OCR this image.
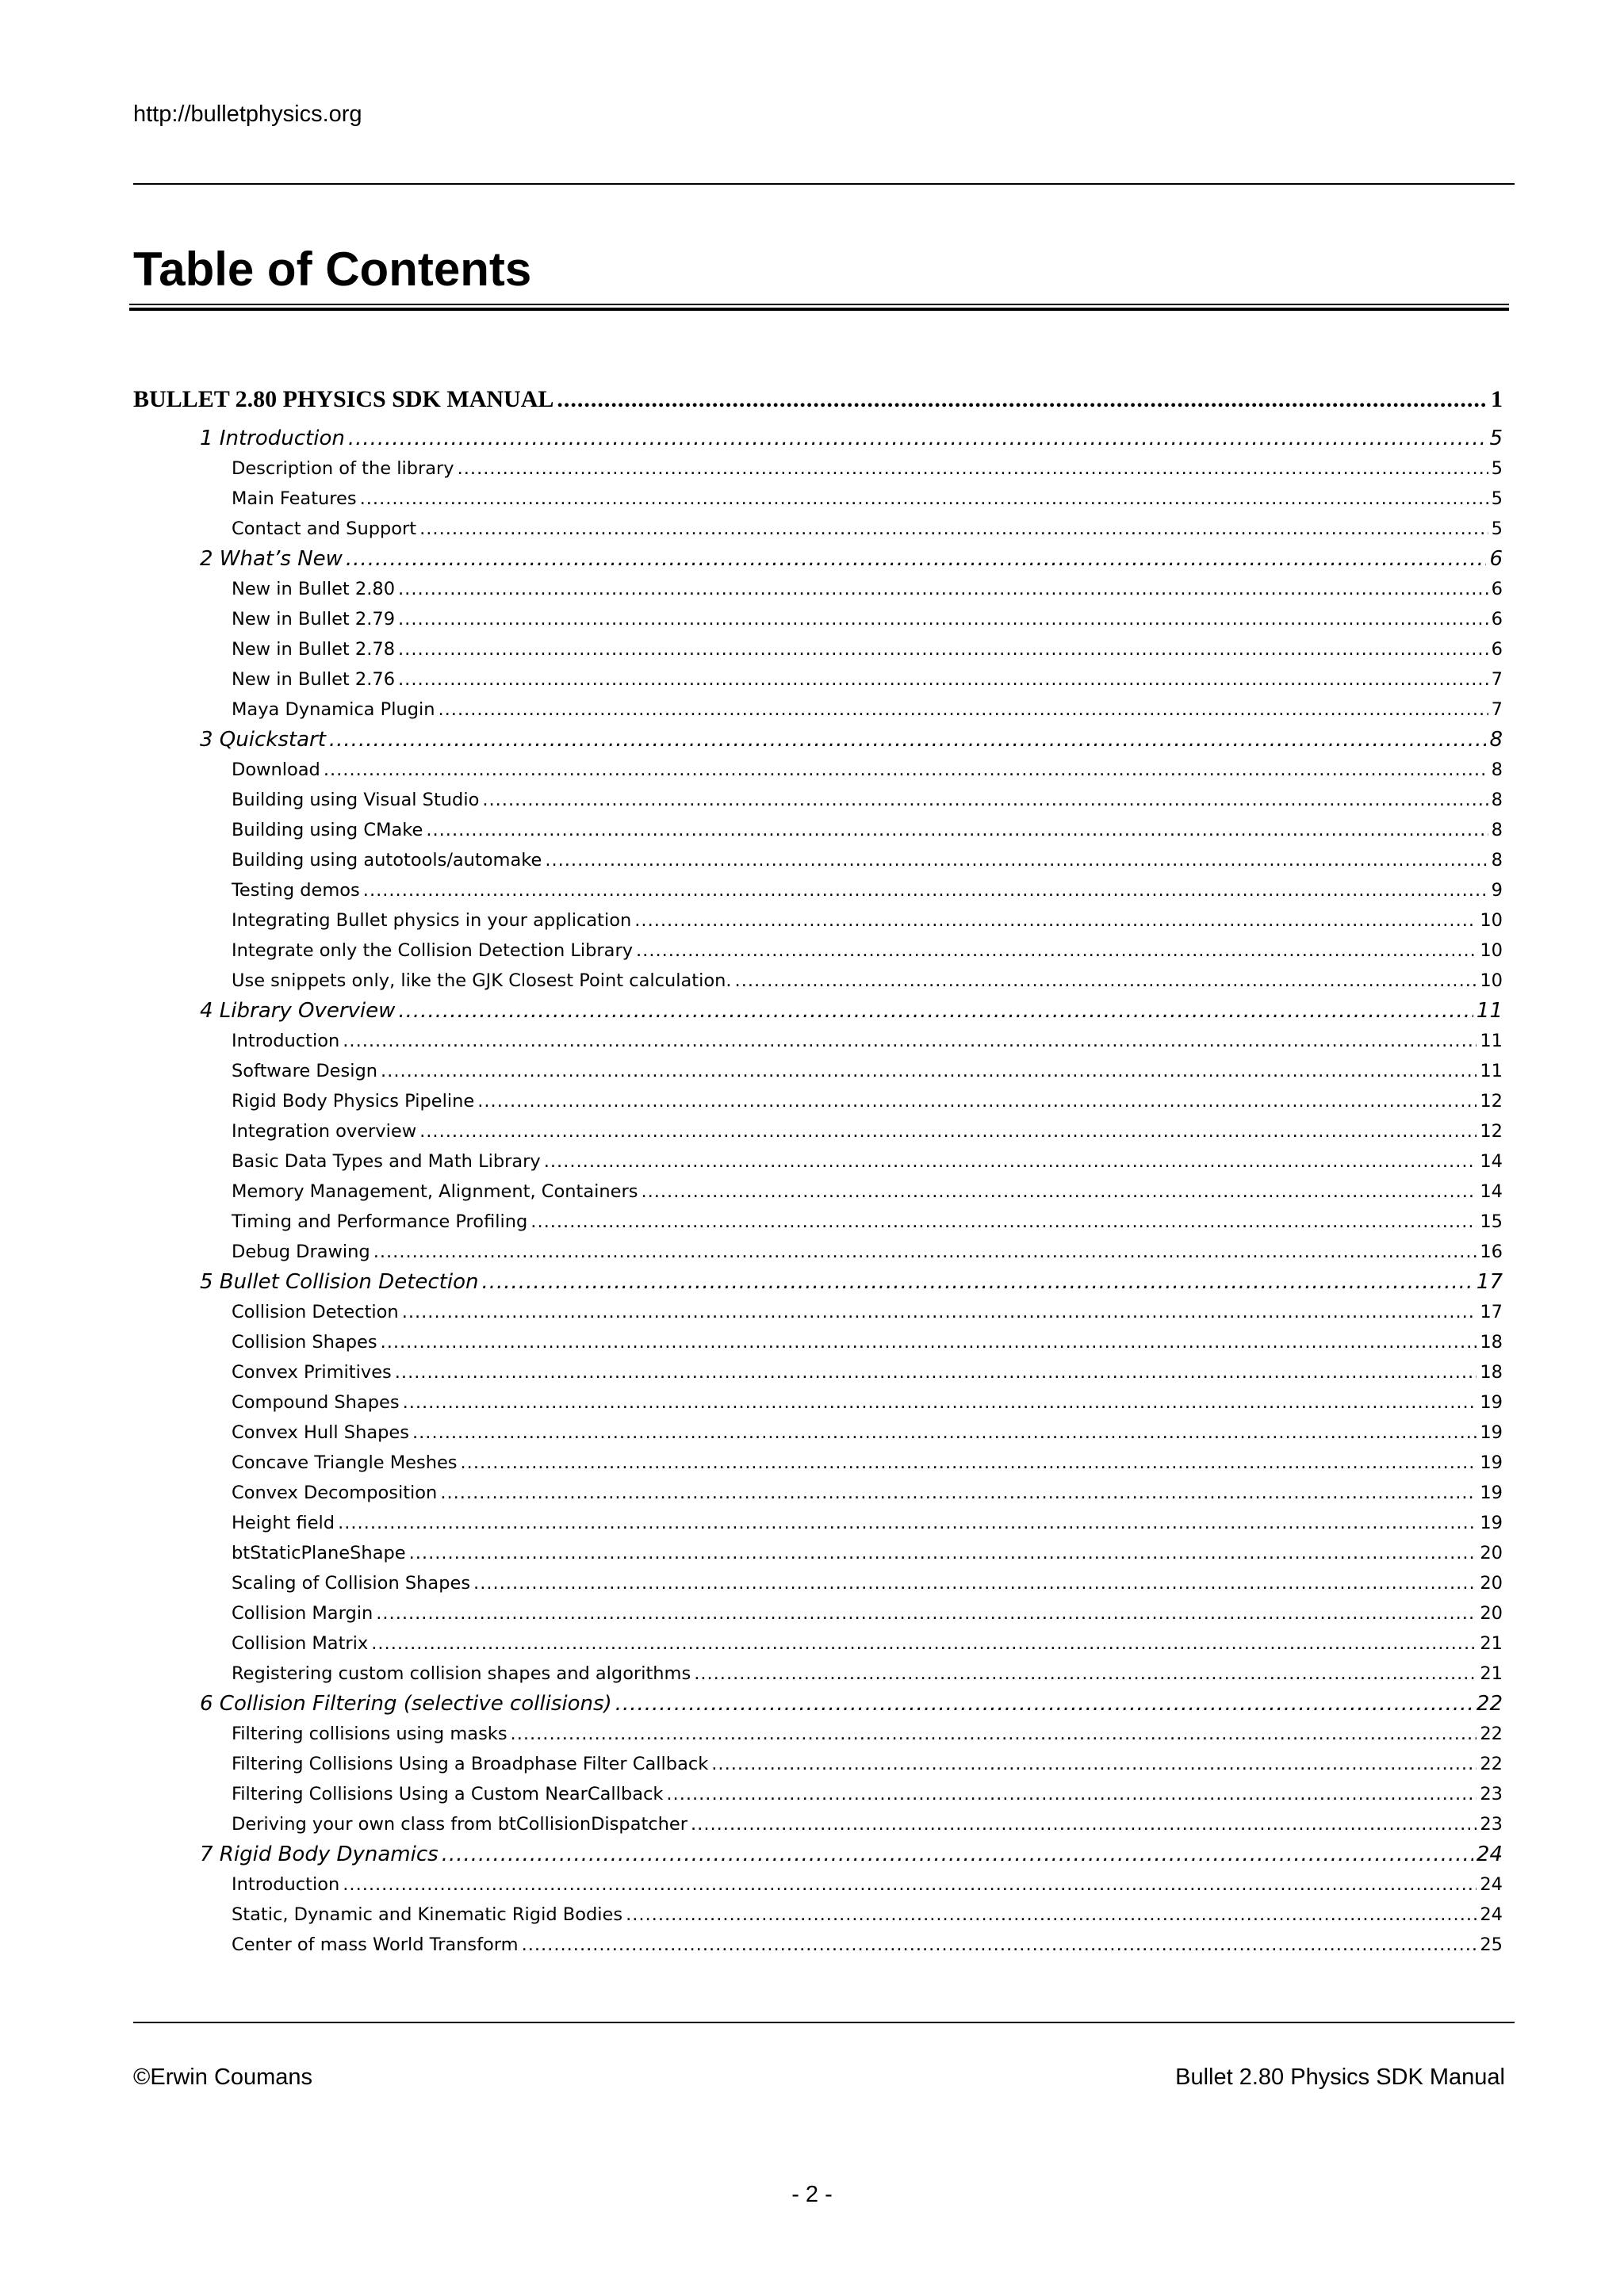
http://bulletphysics.org
Table of Contents
BULLET 2.80 PHYSICS SDK MANUAL .....	1
1 Introduction .....	5
Description of the library .....	5
Main Features .....	5
Contact and Support .....	5
2 What’s New .....	6
New in Bullet 2.80 .....	6
New in Bullet 2.79 .....	6
New in Bullet 2.78 .....	6
New in Bullet 2.76 .....	7
Maya Dynamica Plugin .....	7
3 Quickstart .....	8
Download .....	8
Building using Visual Studio .....	8
Building using CMake .....	8
Building using autotools/automake .....	8
Testing demos .....	9
Integrating Bullet physics in your application .....	10
Integrate only the Collision Detection Library .....	10
Use snippets only, like the GJK Closest Point calculation. .....	10
4 Library Overview .....	11
Introduction .....	11
Software Design .....	11
Rigid Body Physics Pipeline .....	12
Integration overview .....	12
Basic Data Types and Math Library .....	14
Memory Management, Alignment, Containers .....	14
Timing and Performance Profiling .....	15
Debug Drawing .....	16
5 Bullet Collision Detection .....	17
Collision Detection .....	17
Collision Shapes .....	18
Convex Primitives .....	18
Compound Shapes .....	19
Convex Hull Shapes .....	19
Concave Triangle Meshes .....	19
Convex Decomposition .....	19
Height field .....	19
btStaticPlaneShape .....	20
Scaling of Collision Shapes .....	20
Collision Margin .....	20
Collision Matrix .....	21
Registering custom collision shapes and algorithms .....	21
6 Collision Filtering (selective collisions) .....	22
Filtering collisions using masks .....	22
Filtering Collisions Using a Broadphase Filter Callback .....	22
Filtering Collisions Using a Custom NearCallback .....	23
Deriving your own class from btCollisionDispatcher .....	23
7 Rigid Body Dynamics .....	24
Introduction .....	24
Static, Dynamic and Kinematic Rigid Bodies .....	24
Center of mass World Transform .....	25
©Erwin Coumans	Bullet 2.80 Physics SDK Manual
- 2 -
